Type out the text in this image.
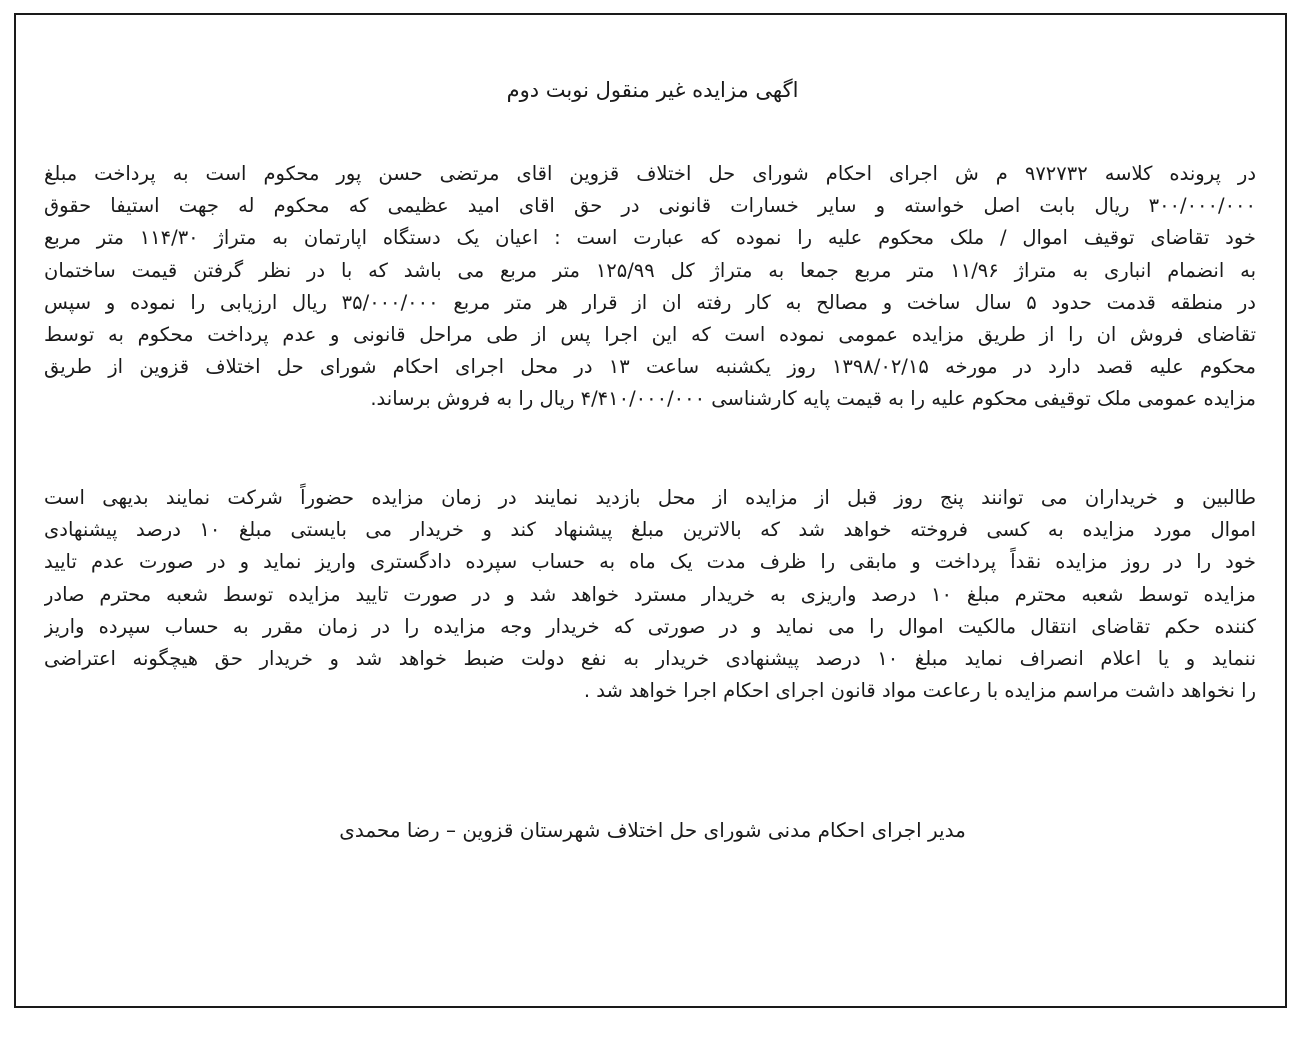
اگهی مزایده غیر منقول نوبت دوم
در پرونده کلاسه ۹۷۲۷۳۲ م ش اجرای احکام شورای حل اختلاف قزوین اقای مرتضی حسن پور محکوم است به پرداخت مبلغ
۳۰۰/۰۰۰/۰۰۰ ریال بابت اصل خواسته و سایر خسارات قانونی در حق اقای امید عظیمی که محکوم له جهت استیفا حقوق
خود تقاضای توقیف اموال / ملک محکوم علیه را نموده که عبارت است : اعیان یک دستگاه اپارتمان به متراژ ۱۱۴/۳۰ متر مربع
به انضمام انباری به متراژ ۱۱/۹۶ متر مربع جمعا به متراژ کل ۱۲۵/۹۹ متر مربع می باشد که با در نظر گرفتن قیمت ساختمان
در منطقه قدمت حدود ۵ سال ساخت و مصالح به کار رفته ان از قرار هر متر مربع ۳۵/۰۰۰/۰۰۰ ریال ارزیابی را نموده و سپس
تقاضای فروش ان را از طریق مزایده عمومی نموده است که این اجرا پس از طی مراحل قانونی و عدم پرداخت محکوم به توسط
محکوم علیه قصد دارد در مورخه ۱۳۹۸/۰۲/۱۵ روز یکشنبه ساعت ۱۳ در محل اجرای احکام شورای حل اختلاف قزوین از طریق
مزایده عمومی ملک توقیفی محکوم علیه را به قیمت پایه کارشناسی ۴/۴۱۰/۰۰۰/۰۰۰ ریال را به فروش برساند.
طالبین و خریداران می توانند پنج روز قبل از مزایده از محل بازدید نمایند در زمان مزایده حضوراً شرکت نمایند بدیهی است
اموال مورد مزایده به کسی فروخته خواهد شد که بالاترین مبلغ پیشنهاد کند و خریدار می بایستی مبلغ ۱۰ درصد پیشنهادی
خود را در روز مزایده نقداً پرداخت و مابقی را ظرف مدت یک ماه به حساب سپرده دادگستری واریز نماید و در صورت عدم تایید
مزایده توسط شعبه محترم مبلغ ۱۰ درصد واریزی به خریدار مسترد خواهد شد و در صورت تایید مزایده توسط شعبه محترم صادر
کننده حکم تقاضای انتقال مالکیت اموال را می نماید و در صورتی که خریدار وجه مزایده را در زمان مقرر به حساب سپرده واریز
ننماید و یا اعلام انصراف نماید مبلغ ۱۰ درصد پیشنهادی خریدار به نفع دولت ضبط خواهد شد و خریدار حق هیچگونه اعتراضی
را نخواهد داشت مراسم مزایده با رعاعت مواد قانون اجرای احکام اجرا خواهد شد .
مدیر اجرای احکام مدنی شورای حل اختلاف شهرستان قزوین – رضا محمدی
